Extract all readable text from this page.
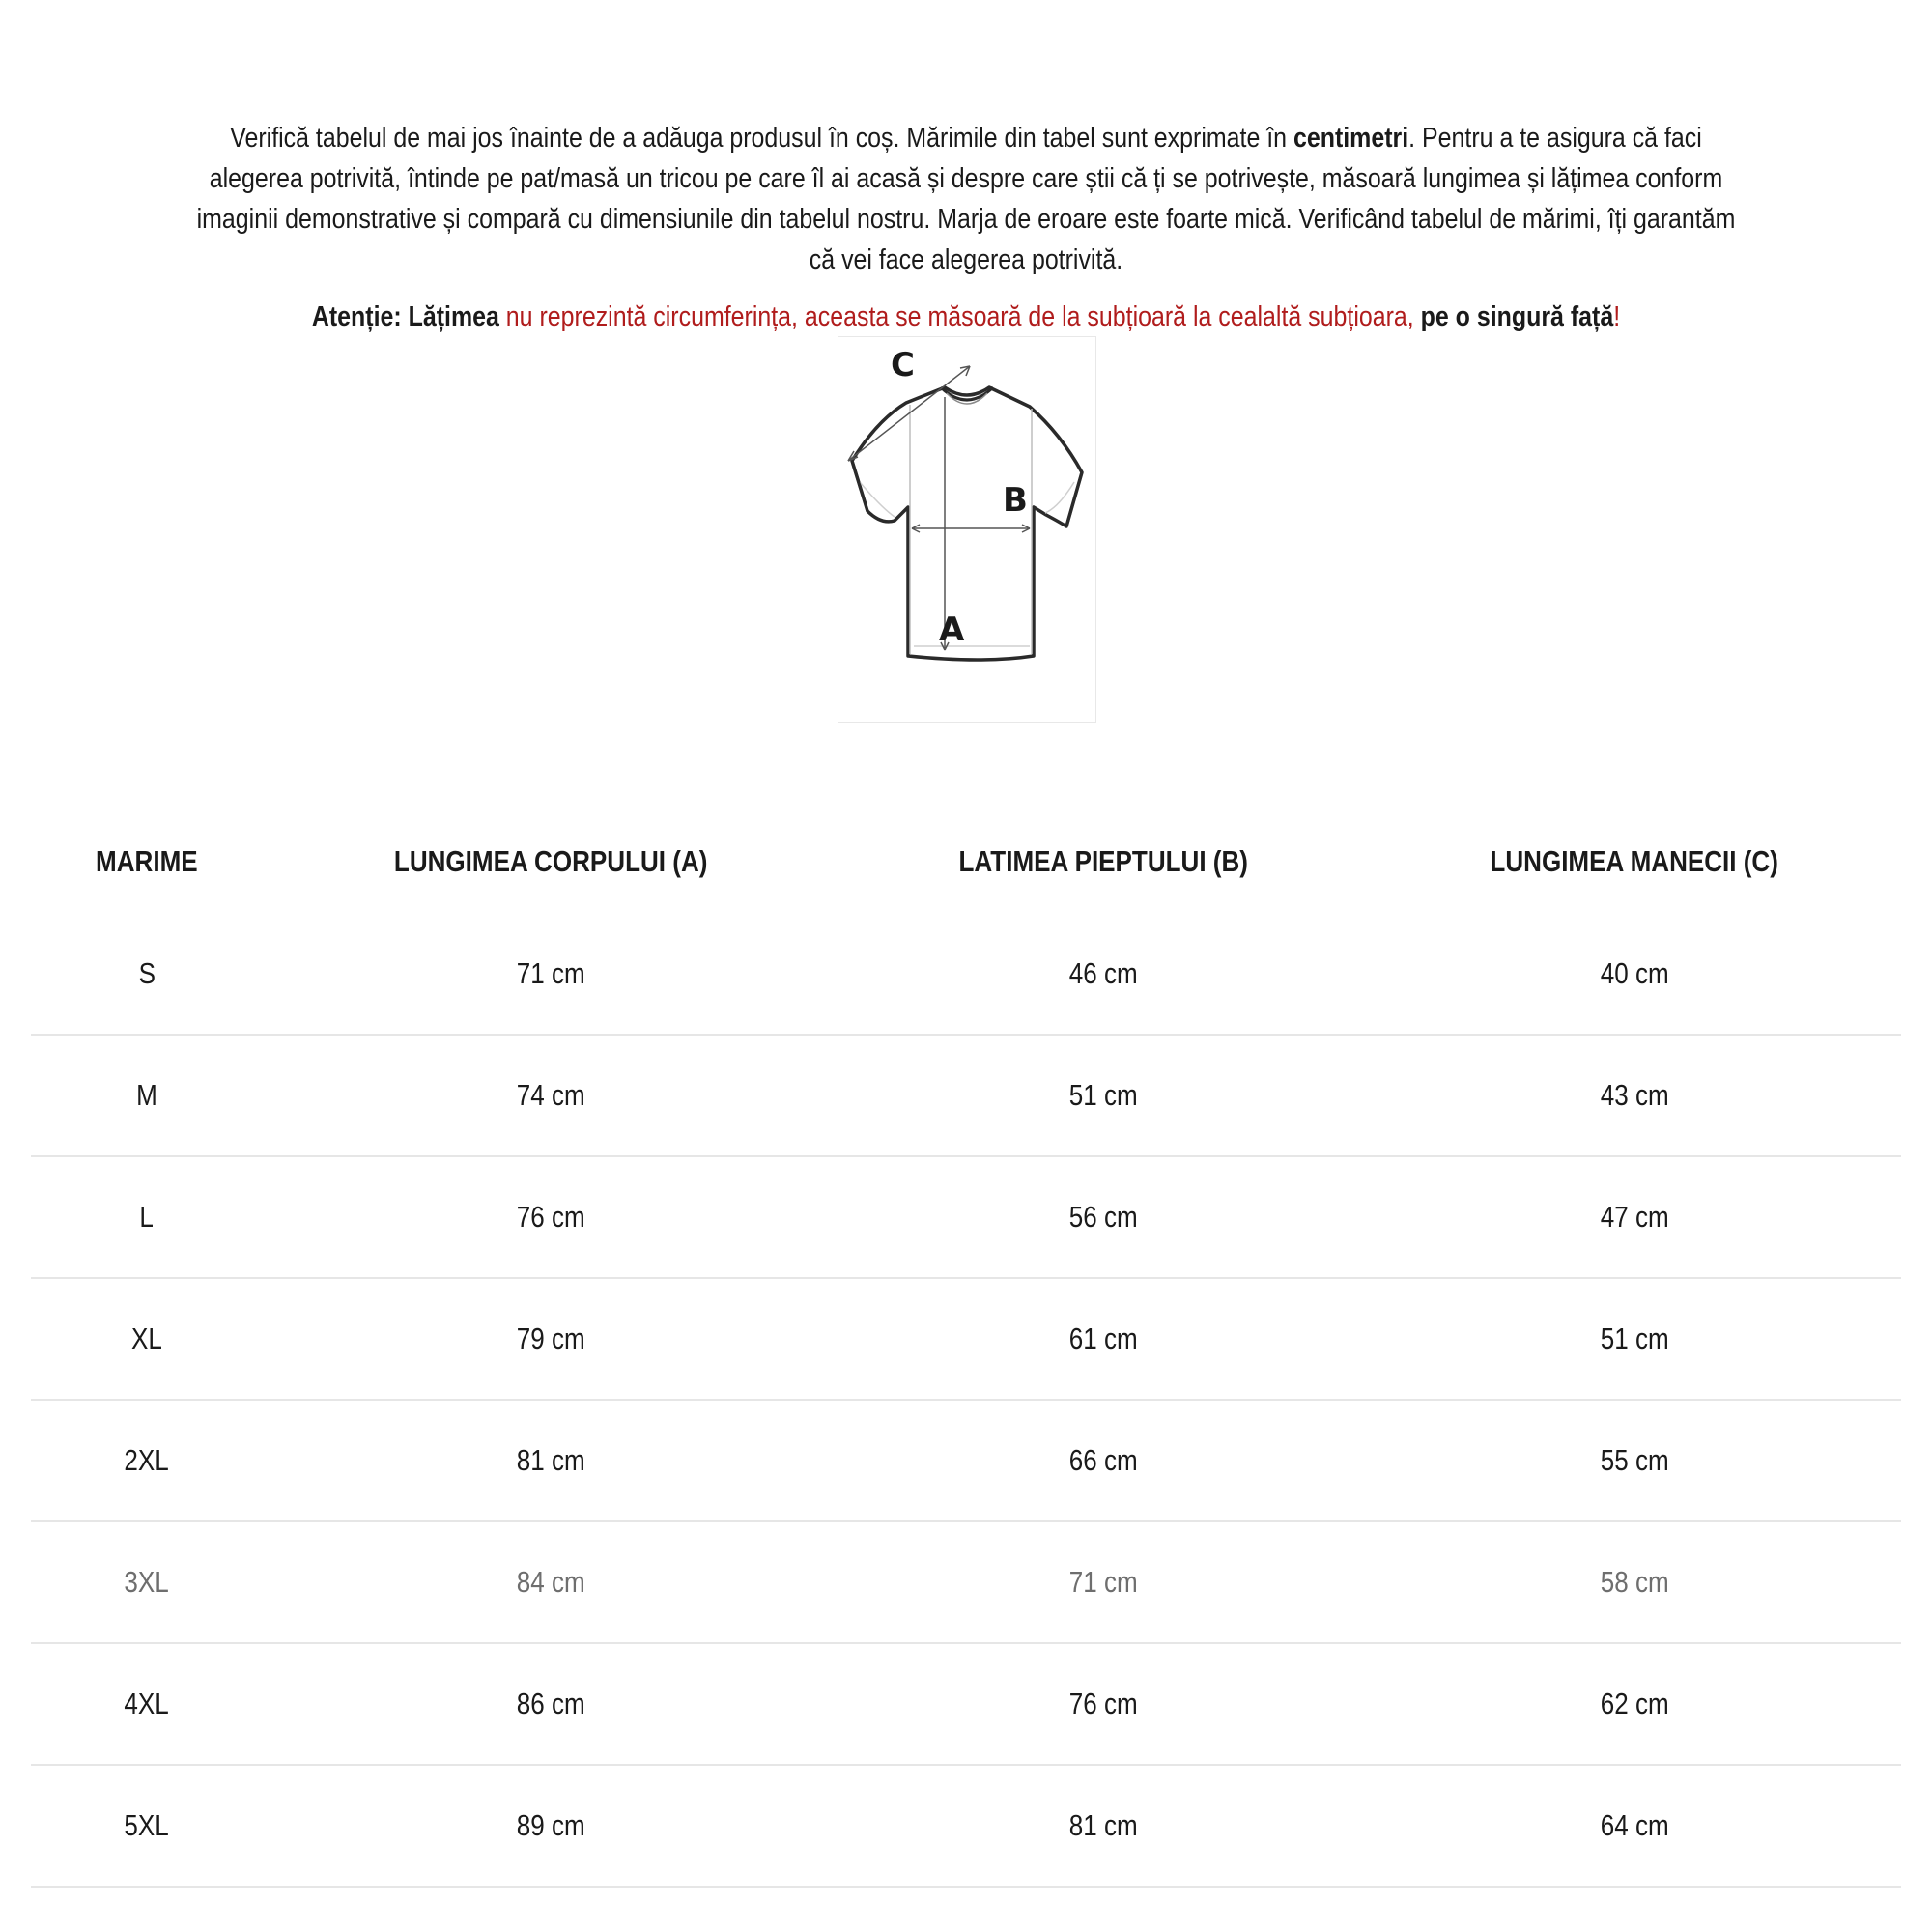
Verifică tabelul de mai jos înainte de a adăuga produsul în coș. Mărimile din tabel sunt exprimate în centimetri. Pentru a te asigura că faci alegerea potrivită, întinde pe pat/masă un tricou pe care îl ai acasă și despre care știi că ți se potrivește, măsoară lungimea și lățimea conform imaginii demonstrative și compară cu dimensiunile din tabelul nostru. Marja de eroare este foarte mică. Verificând tabelul de mărimi, îți garantăm că vei face alegerea potrivită.
Atenție: Lățimea nu reprezintă circumferința, aceasta se măsoară de la subțioară la cealaltă subțioara, pe o singură față!
C
B
A
MARIME	LUNGIMEA CORPULUI (A)	LATIMEA PIEPTULUI (B)	LUNGIMEA MANECII (C)
S	71 cm	46 cm	40 cm
M	74 cm	51 cm	43 cm
L	76 cm	56 cm	47 cm
XL	79 cm	61 cm	51 cm
2XL	81 cm	66 cm	55 cm
3XL	84 cm	71 cm	58 cm
4XL	86 cm	76 cm	62 cm
5XL	89 cm	81 cm	64 cm
